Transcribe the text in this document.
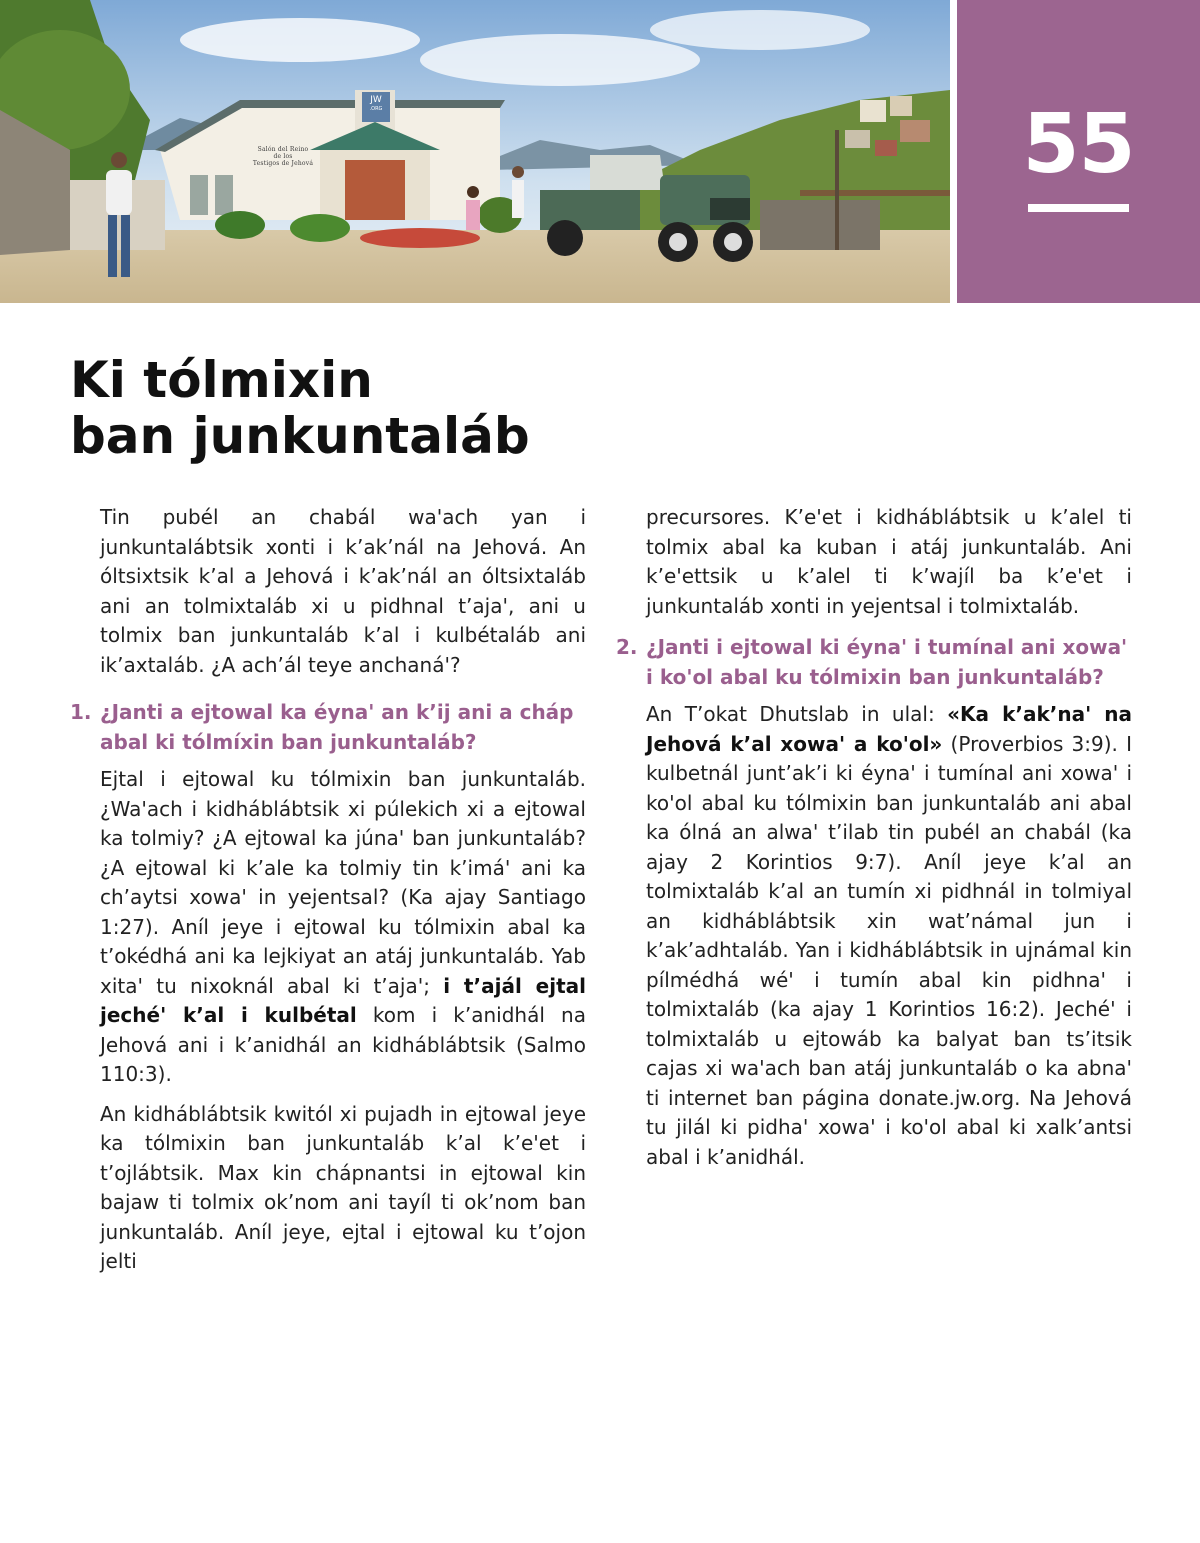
JW
.ORG
Salón del Reino
de los
Testigos de Jehová	55
Ki tólmixin
ban junkuntaláb

Tin pubél an chabál wa'ach yan i junkuntalábtsik xonti i k’ak’nál na Jehová. An óltsixtsik k’al a Jehová i k’ak’nál an óltsixtaláb ani an tolmixtaláb xi u pidhnal t’aja', ani u tolmix ban junkuntaláb k’al i kulbétaláb ani ik’axtaláb. ¿A ach’ál teye anchaná'?

1. ¿Janti a ejtowal ka éyna' an k’ij ani a cháp abal ki tólmíxin ban junkuntaláb?

Ejtal i ejtowal ku tólmixin ban junkuntaláb. ¿Wa'ach i kidháblábtsik xi púlekich xi a ejtowal ka tolmiy? ¿A ejtowal ka júna' ban junkuntaláb? ¿A ejtowal ki k’ale ka tolmiy tin k’imá' ani ka ch’aytsi xowa' in yejentsal? (Ka ajay Santiago 1:27). Aníl jeye i ejtowal ku tólmixin abal ka t’okédhá ani ka lejkiyat an atáj junkuntaláb. Yab xita' tu nixoknál abal ki t’aja'; i t’ajál ejtal jeché' k’al i kulbétal kom i k’anidhál na Jehová ani i k’anidhál an kidháblábtsik (Salmo 110:3).

An kidháblábtsik kwitól xi pujadh in ejtowal jeye ka tólmixin ban junkuntaláb k’al k’e'et i t’ojlábtsik. Max kin chápnantsi in ejtowal kin bajaw ti tolmix ok’nom ani tayíl ti ok’nom ban junkuntaláb. Aníl jeye, ejtal i ejtowal ku t’ojon jelti

precursores. K’e'et i kidháblábtsik u k’alel ti tolmix abal ka kuban i atáj junkuntaláb. Ani k’e'ettsik u k’alel ti k’wajíl ba k’e'et i junkuntaláb xonti in yejentsal i tolmixtaláb.

2. ¿Janti i ejtowal ki éyna' i tumínal ani xowa' i ko'ol abal ku tólmixin ban junkuntaláb?

An T’okat Dhutslab in ulal: «Ka k’ak’na' na Jehová k’al xowa' a ko'ol» (Proverbios 3:9). I kulbetnál junt’ak’i ki éyna' i tumínal ani xowa' i ko'ol abal ku tólmixin ban junkuntaláb ani abal ka ólná an alwa' t’ilab tin pubél an chabál (ka ajay 2 Korintios 9:7). Aníl jeye k’al an tolmixtaláb k’al an tumín xi pidhnál in tolmiyal an kidháblábtsik xin wat’námal jun i k’ak’adhtaláb. Yan i kidháblábtsik in ujnámal kin pílmédhá wé' i tumín abal kin pidhna' i tolmixtaláb (ka ajay 1 Korintios 16:2). Jeché' i tolmixtaláb u ejtowáb ka balyat ban ts’itsik cajas xi wa'ach ban atáj junkuntaláb o ka abna' ti internet ban página donate.jw.org. Na Jehová tu jilál ki pidha' xowa' i ko'ol abal ki xalk’antsi abal i k’anidhál.
